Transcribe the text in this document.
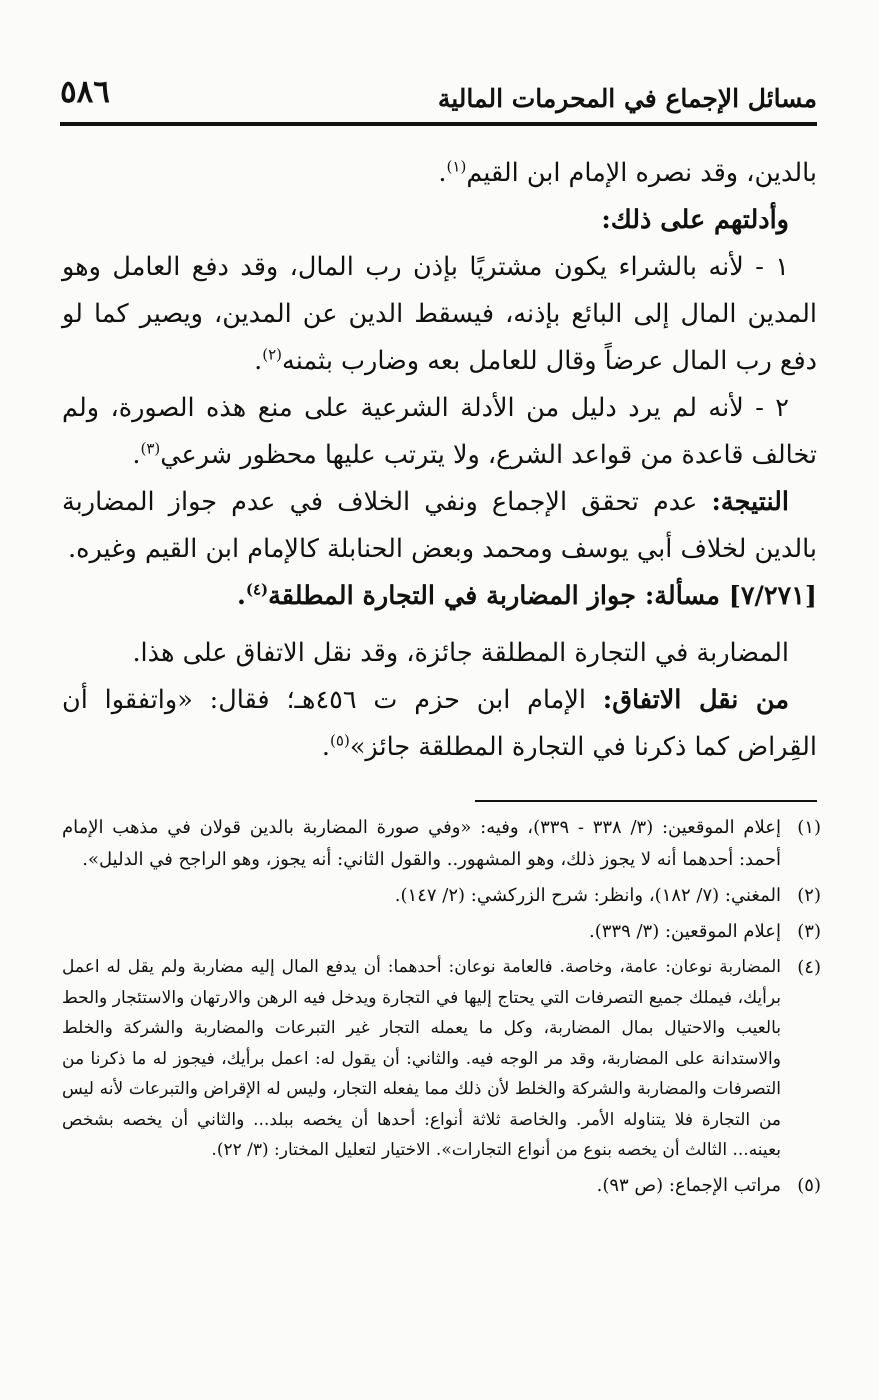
مسائل الإجماع في المحرمات المالية
٥٨٦

بالدين، وقد نصره الإمام ابن القيم$^{(١)}$.

وأدلتهم على ذلك:

١ - لأنه بالشراء يكون مشتريًا بإذن رب المال، وقد دفع العامل وهو المدين المال إلى البائع بإذنه، فيسقط الدين عن المدين، ويصير كما لو دفع رب المال عرضاً وقال للعامل بعه وضارب بثمنه$^{(٢)}$.

٢ - لأنه لم يرد دليل من الأدلة الشرعية على منع هذه الصورة، ولم تخالف قاعدة من قواعد الشرع، ولا يترتب عليها محظور شرعي$^{(٣)}$.

النتيجة: عدم تحقق الإجماع ونفي الخلاف في عدم جواز المضاربة بالدين لخلاف أبي يوسف ومحمد وبعض الحنابلة كالإمام ابن القيم وغيره.

[٧/٢٧١] مسألة: جواز المضاربة في التجارة المطلقة$^{(٤)}$.

المضاربة في التجارة المطلقة جائزة، وقد نقل الاتفاق على هذا.

من نقل الاتفاق: الإمام ابن حزم ت ٤٥٦هـ؛ فقال: «واتفقوا أن القِراض كما ذكرنا في التجارة المطلقة جائز»$^{(٥)}$.

(١)
إعلام الموقعين: (٣/ ٣٣٨ - ٣٣٩)، وفيه: «وفي صورة المضاربة بالدين قولان في مذهب الإمام أحمد: أحدهما أنه لا يجوز ذلك، وهو المشهور.. والقول الثاني: أنه يجوز، وهو الراجح في الدليل».
(٢)
المغني: (٧/ ١٨٢)، وانظر: شرح الزركشي: (٢/ ١٤٧).
(٣)
إعلام الموقعين: (٣/ ٣٣٩).
(٤)
المضاربة نوعان: عامة، وخاصة. فالعامة نوعان: أحدهما: أن يدفع المال إليه مضاربة ولم يقل له اعمل برأيك، فيملك جميع التصرفات التي يحتاج إليها في التجارة ويدخل فيه الرهن والارتهان والاستئجار والحط بالعيب والاحتيال بمال المضاربة، وكل ما يعمله التجار غير التبرعات والمضاربة والشركة والخلط والاستدانة على المضاربة، وقد مر الوجه فيه. والثاني: أن يقول له: اعمل برأيك، فيجوز له ما ذكرنا من التصرفات والمضاربة والشركة والخلط لأن ذلك مما يفعله التجار، وليس له الإقراض والتبرعات لأنه ليس من التجارة فلا يتناوله الأمر. والخاصة ثلاثة أنواع: أحدها أن يخصه ببلد... والثاني أن يخصه بشخص بعينه... الثالث أن يخصه بنوع من أنواع التجارات». الاختيار لتعليل المختار: (٣/ ٢٢).
(٥)
مراتب الإجماع: (ص ٩٣).
